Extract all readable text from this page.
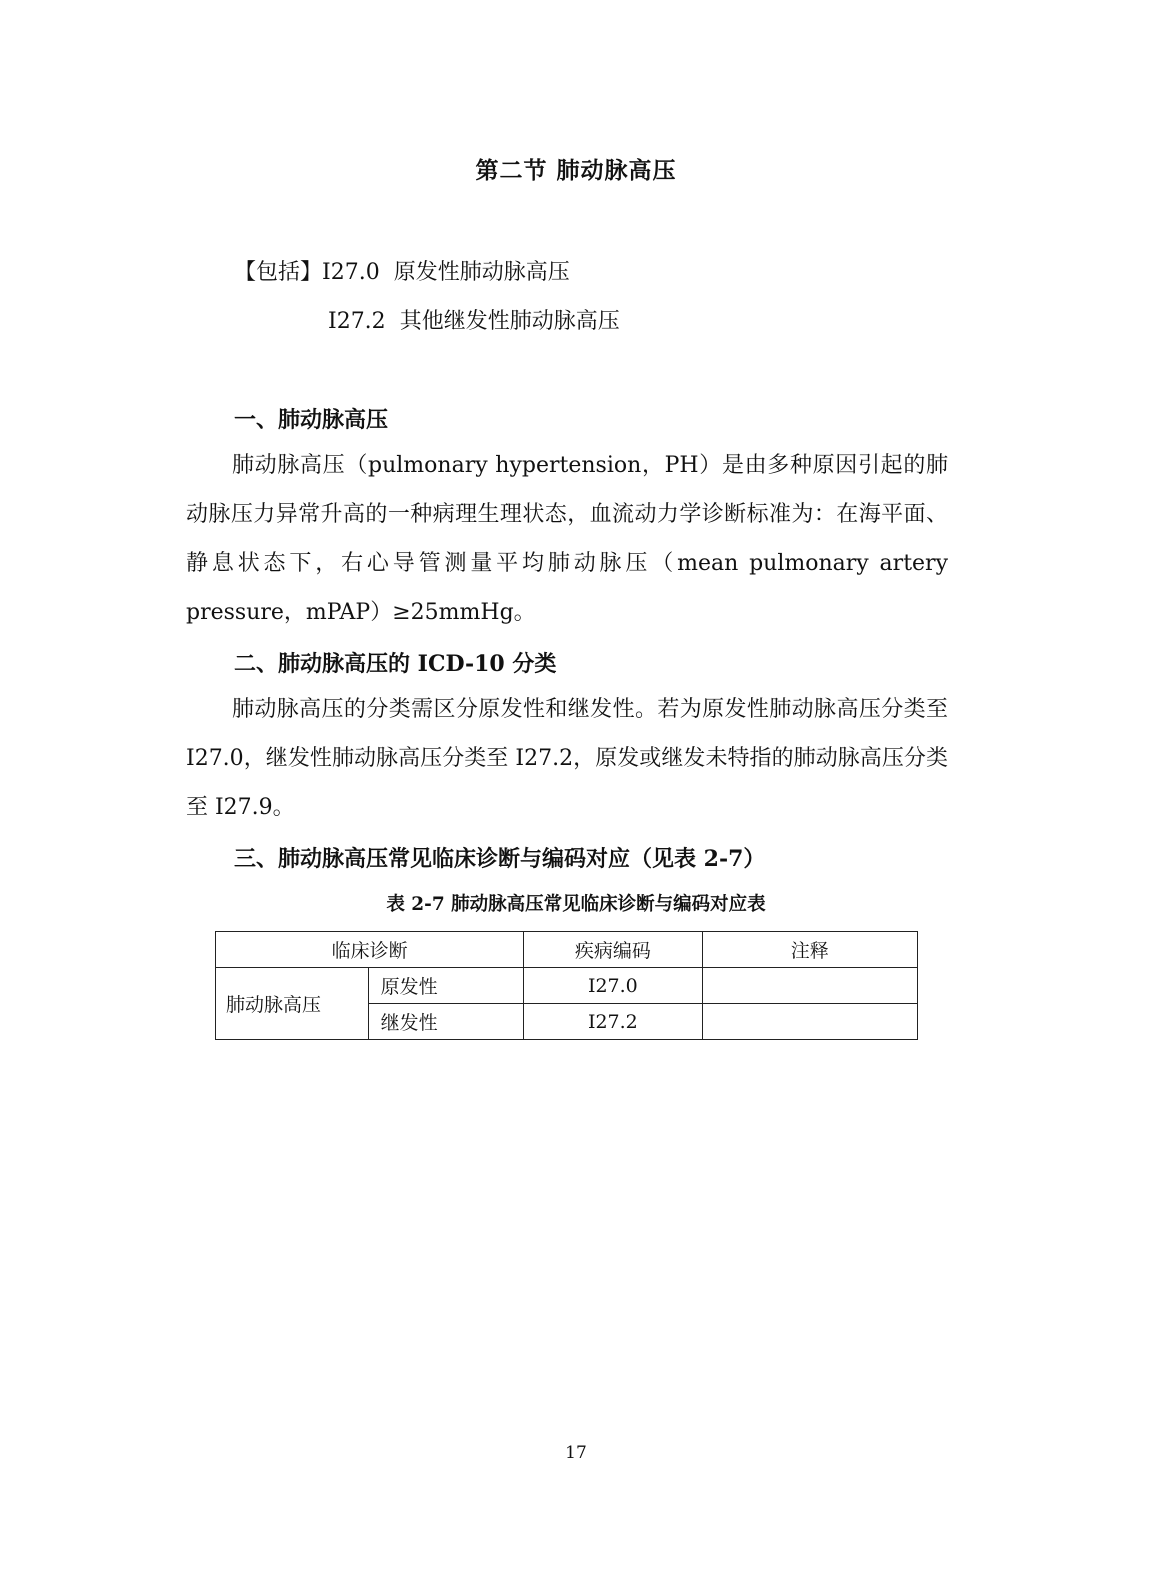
第二节 肺动脉高压
【包括】I27.0 原发性肺动脉高压
I27.2 其他继发性肺动脉高压
一、肺动脉高压

肺动脉高压（pulmonary hypertension，PH）是由多种原因引起的肺动脉压力异常升高的一种病理生理状态，血流动力学诊断标准为：在海平面、静息状态下，右心导管测量平均肺动脉压（mean pulmonary artery pressure，mPAP）≥25mmHg。

二、肺动脉高压的 ICD-10 分类

肺动脉高压的分类需区分原发性和继发性。若为原发性肺动脉高压分类至 I27.0，继发性肺动脉高压分类至 I27.2，原发或继发未特指的肺动脉高压分类至 I27.9。

三、肺动脉高压常见临床诊断与编码对应（见表 2-7）
表 2-7 肺动脉高压常见临床诊断与编码对应表
临床诊断		疾病编码	注释
肺动脉高压	原发性	I27.0	
	继发性	I27.2	
17
